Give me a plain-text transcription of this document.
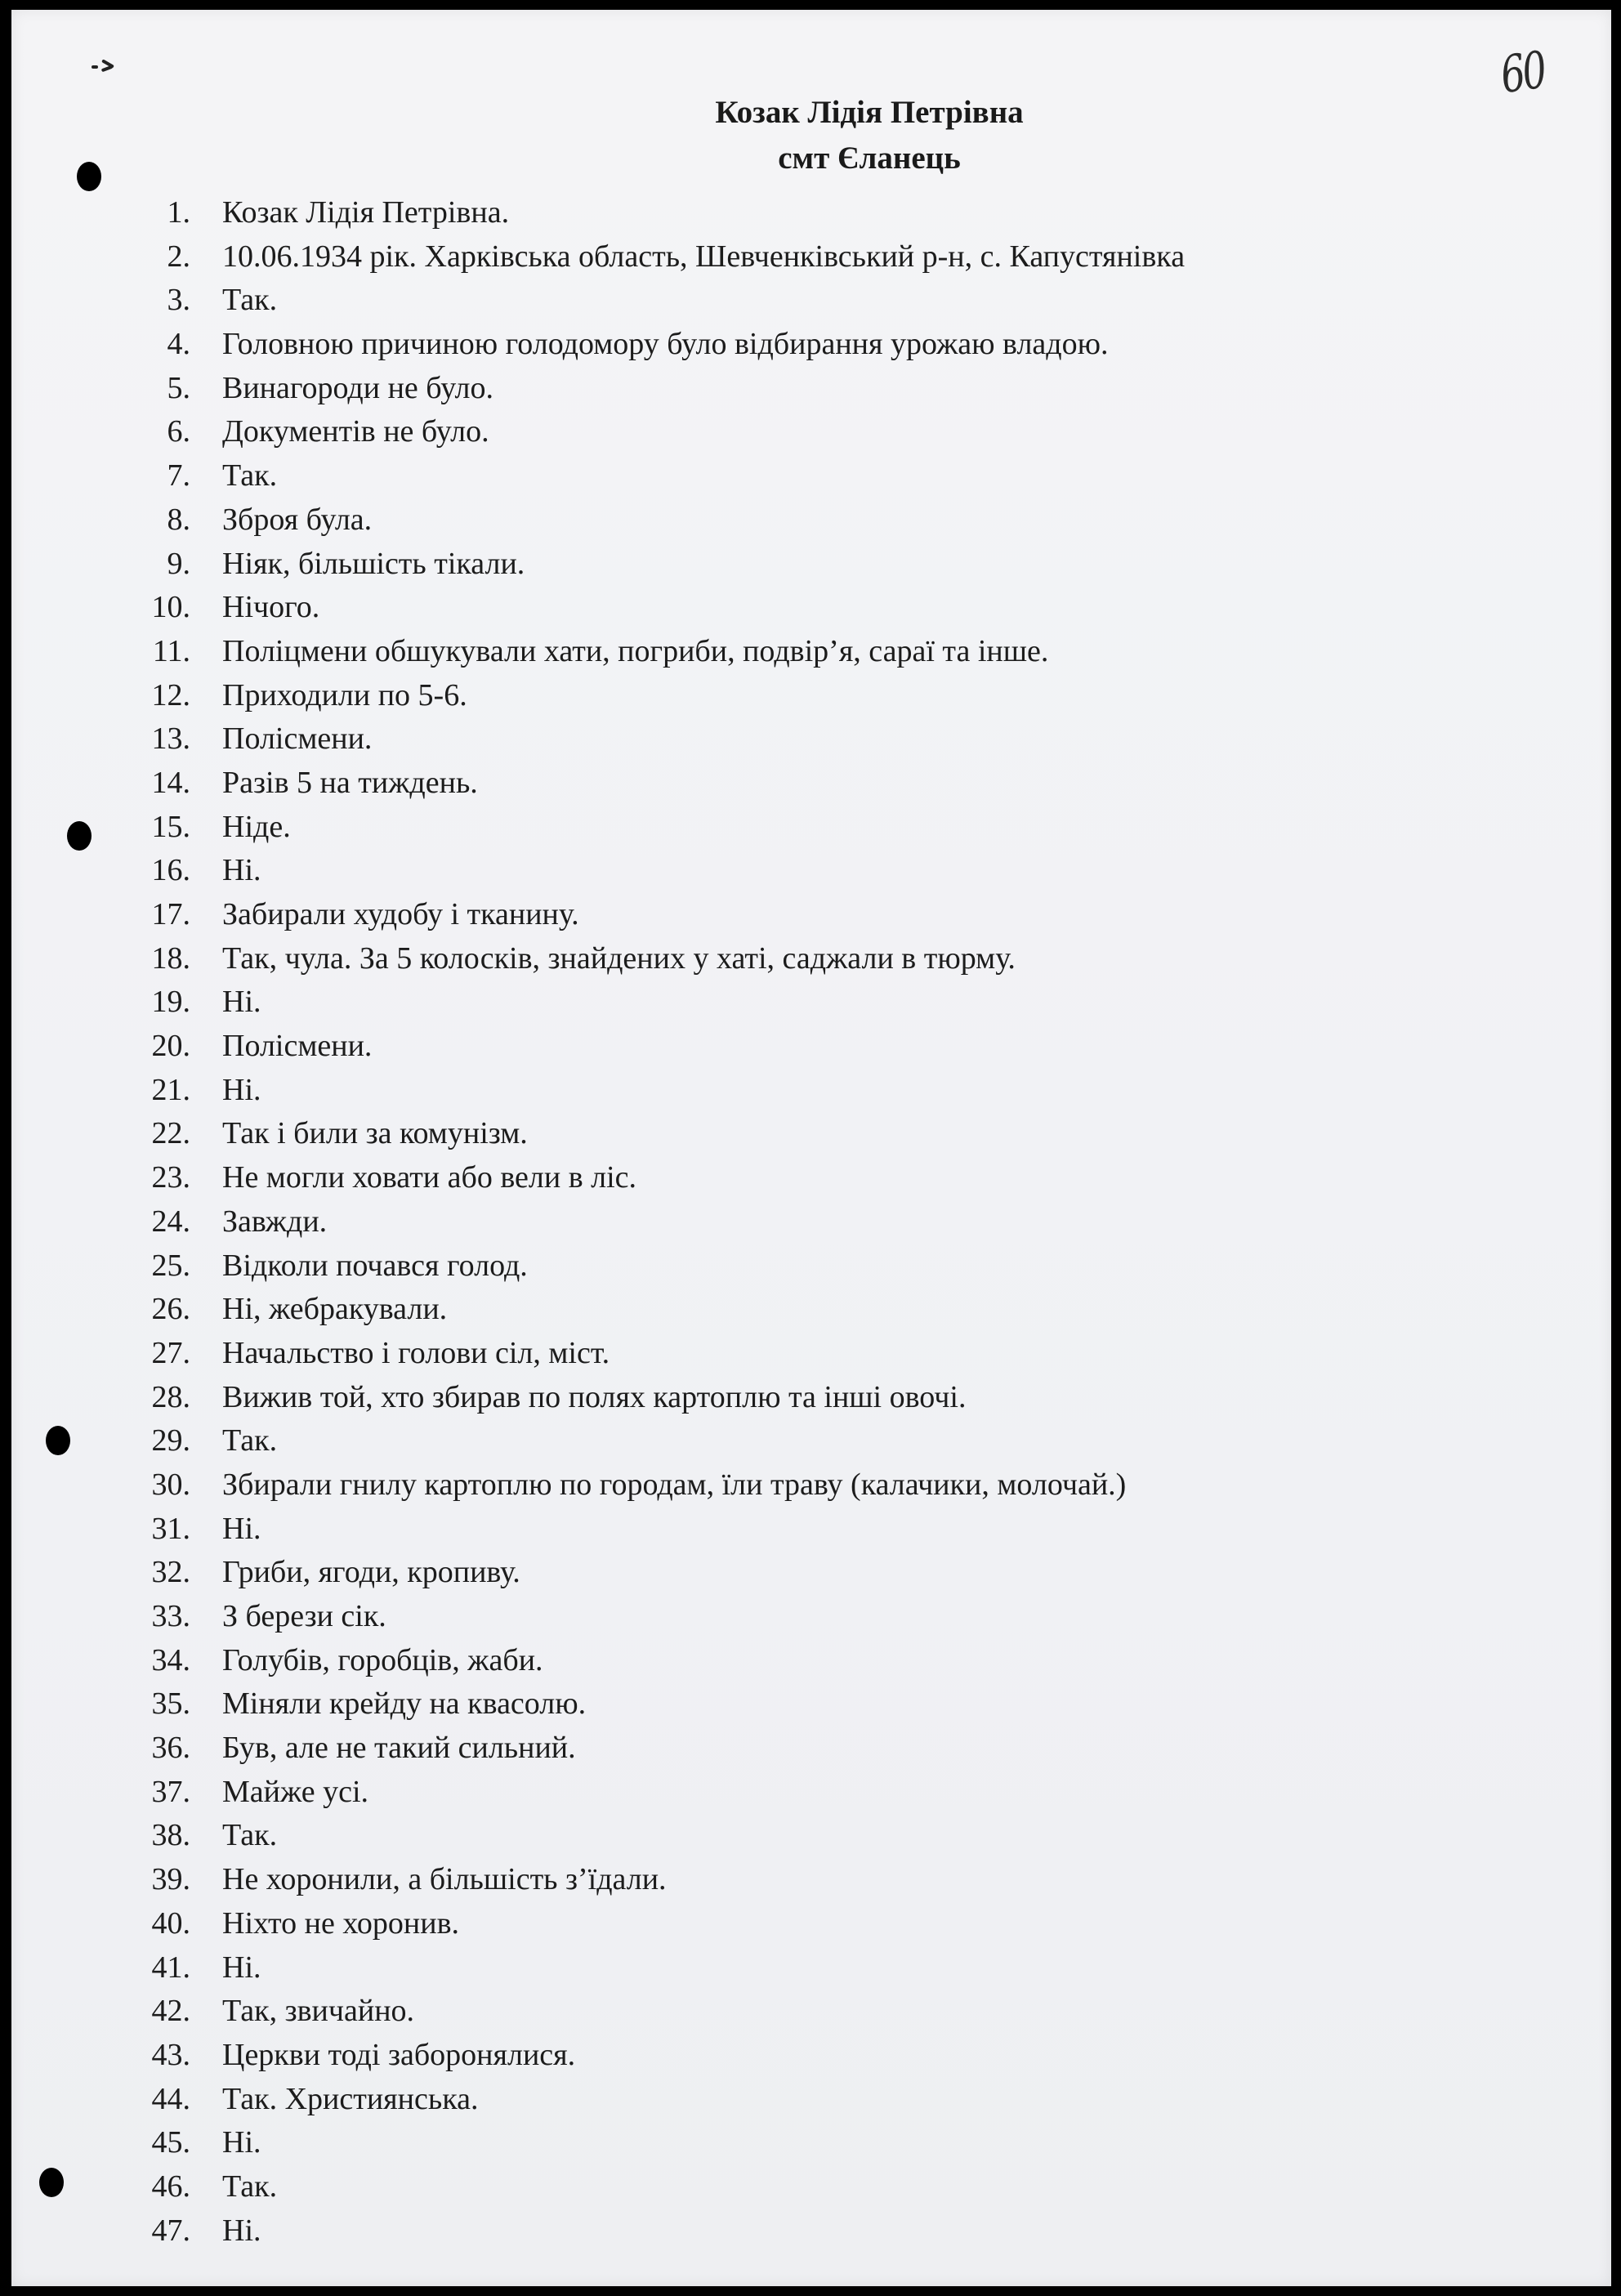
60
Козак Лідія Петрівна
смт Єланець
1. Козак Лідія Петрівна.
2. 10.06.1934 рік. Харківська область, Шевченківський р-н, с. Капустянівка
3. Так.
4. Головною причиною голодомору було відбирання урожаю владою.
5. Винагороди не було.
6. Документів не було.
7. Так.
8. Зброя була.
9. Ніяк, більшість тікали.
10. Нічого.
11. Поліцмени обшукували хати, погриби, подвір’я, сараї та інше.
12. Приходили по 5-6.
13. Полісмени.
14. Разів 5 на тиждень.
15. Ніде.
16. Ні.
17. Забирали худобу і тканину.
18. Так, чула. За 5 колосків, знайдених у хаті, саджали в тюрму.
19. Ні.
20. Полісмени.
21. Ні.
22. Так і били за комунізм.
23. Не могли ховати або вели в ліс.
24. Завжди.
25. Відколи почався голод.
26. Ні, жебракували.
27. Начальство і голови сіл, міст.
28. Вижив той, хто збирав по полях картоплю та інші овочі.
29. Так.
30. Збирали гнилу картоплю по городам, їли траву (калачики, молочай.)
31. Ні.
32. Гриби, ягоди, кропиву.
33. З берези сік.
34. Голубів, горобців, жаби.
35. Міняли крейду на квасолю.
36. Був, але не такий сильний.
37. Майже усі.
38. Так.
39. Не хоронили, а більшість з’їдали.
40. Ніхто не хоронив.
41. Ні.
42. Так, звичайно.
43. Церкви тоді заборонялися.
44. Так. Християнська.
45. Ні.
46. Так.
47. Ні.
